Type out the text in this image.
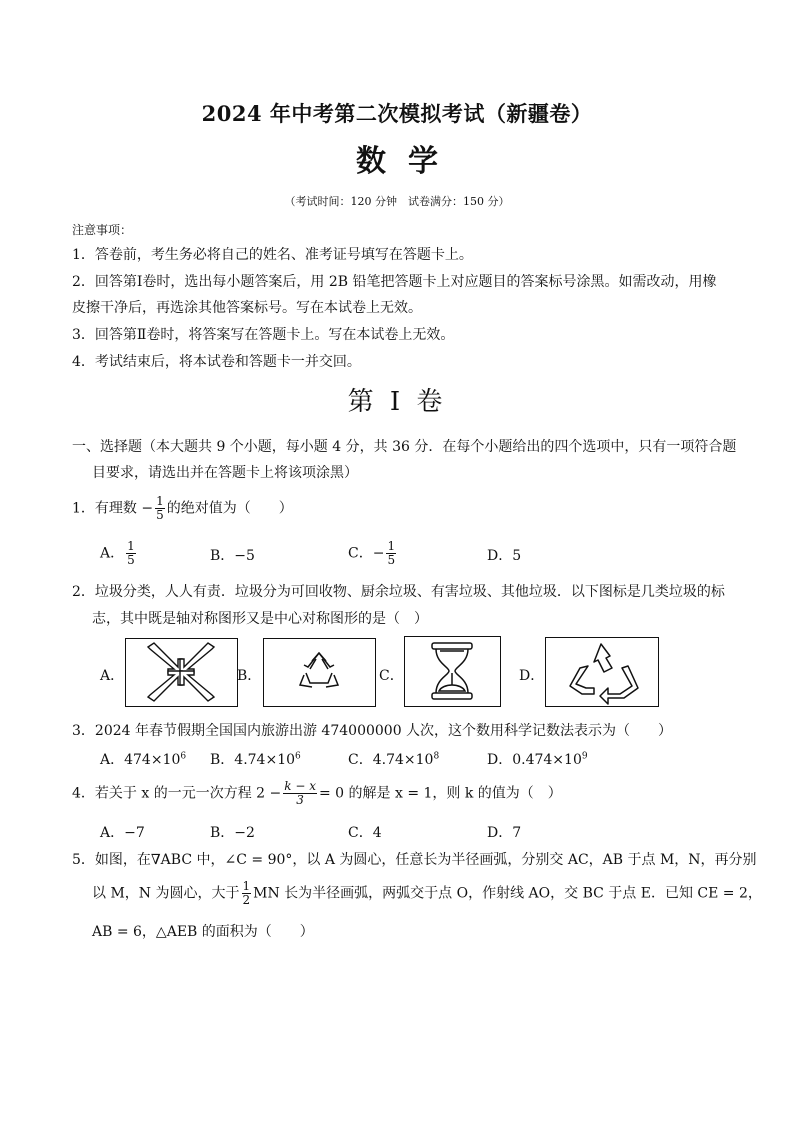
2024 年中考第二次模拟考试（新疆卷）
数学
（考试时间：120 分钟　试卷满分：150 分）
注意事项：
1．答卷前，考生务必将自己的姓名、准考证号填写在答题卡上。
2．回答第Ⅰ卷时，选出每小题答案后，用 2B 铅笔把答题卡上对应题目的答案标号涂黑。如需改动，用橡
皮擦干净后，再选涂其他答案标号。写在本试卷上无效。
3．回答第Ⅱ卷时，将答案写在答题卡上。写在本试卷上无效。
4．考试结束后，将本试卷和答题卡一并交回。
第 I 卷
一、选择题（本大题共 9 个小题，每小题 4 分，共 36 分．在每个小题给出的四个选项中，只有一项符合题
目要求，请选出并在答题卡上将该项涂黑）
1．有理数 − $\frac{1}{5}$ 的绝对值为（　　）
A． $\frac{1}{5}$	B．−5	C．− $\frac{1}{5}$	D．5
2．垃圾分类，人人有责．垃圾分为可回收物、厨余垃圾、有害垃圾、其他垃圾．以下图标是几类垃圾的标
志，其中既是轴对称图形又是中心对称图形的是（　）
A．	B．	C．	D．
3．2024 年春节假期全国国内旅游出游 474000000 人次，这个数用科学记数法表示为（　　）
A．$474\times 10^6$ B．$4.74\times 10^6$	C．$4.74\times 10^8$	D．$0.474\times 10^9$
4．若关于 x 的一元一次方程 $2 - \frac{k - x}{3} = 0$ 的解是 x = 1，则 k 的值为（　）
A．−7	B．−2	C．4	D．7
5．如图，在∇ABC 中，∠C = 90°，以 A 为圆心，任意长为半径画弧，分别交 AC，AB 于点 M，N，再分别
以 M，N 为圆心，大于 $\frac{1}{2}$ MN 长为半径画弧，两弧交于点 O，作射线 AO，交 BC 于点 E．已知 CE = 2，
AB = 6，△AEB 的面积为（　　）
